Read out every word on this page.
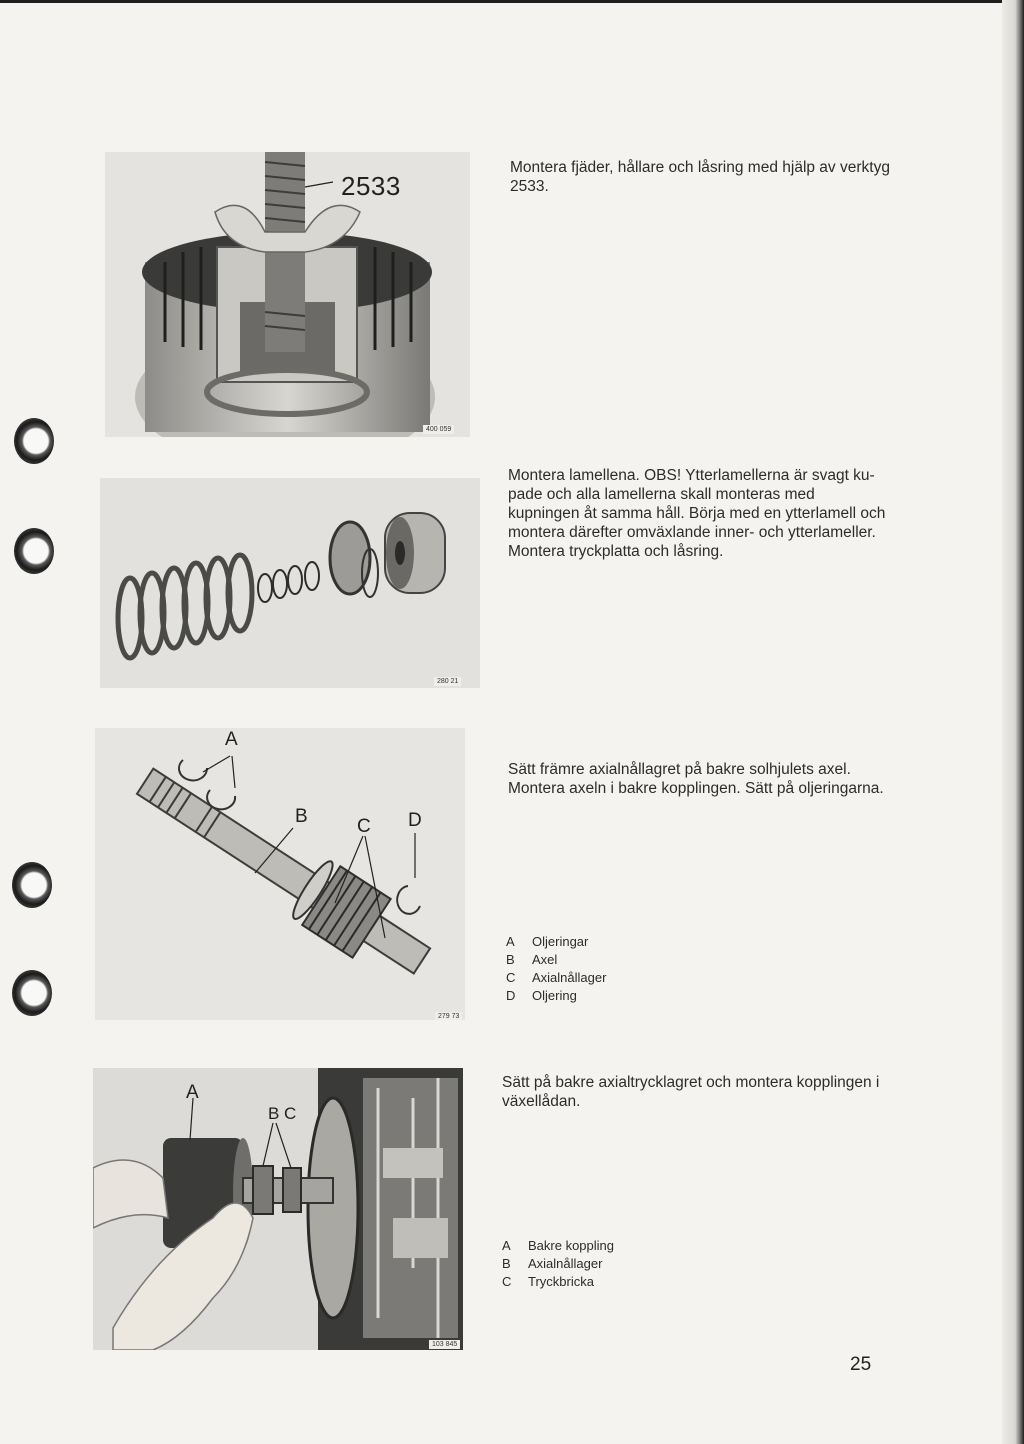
2533
400 059
Montera fjäder, hållare och låsring med hjälp av verktyg 2533.
280 21
Montera lamellena. OBS! Ytterlamellerna är svagt ku-pade och alla lamellerna skall monteras med kupningen åt samma håll. Börja med en ytterlamell och montera därefter omväxlande inner- och ytterlameller. Montera tryckplatta och låsring.
A
B	C D
279 73
Sätt främre axialnållagret på bakre solhjulets axel. Montera axeln i bakre kopplingen. Sätt på oljeringarna.
A	Oljeringar
B	Axel
C	Axialnållager
D	Oljering
A
B C
103 845
Sätt på bakre axialtrycklagret och montera kopplingen i växellådan.
A	Bakre koppling
B	Axialnållager
C	Tryckbricka
25
